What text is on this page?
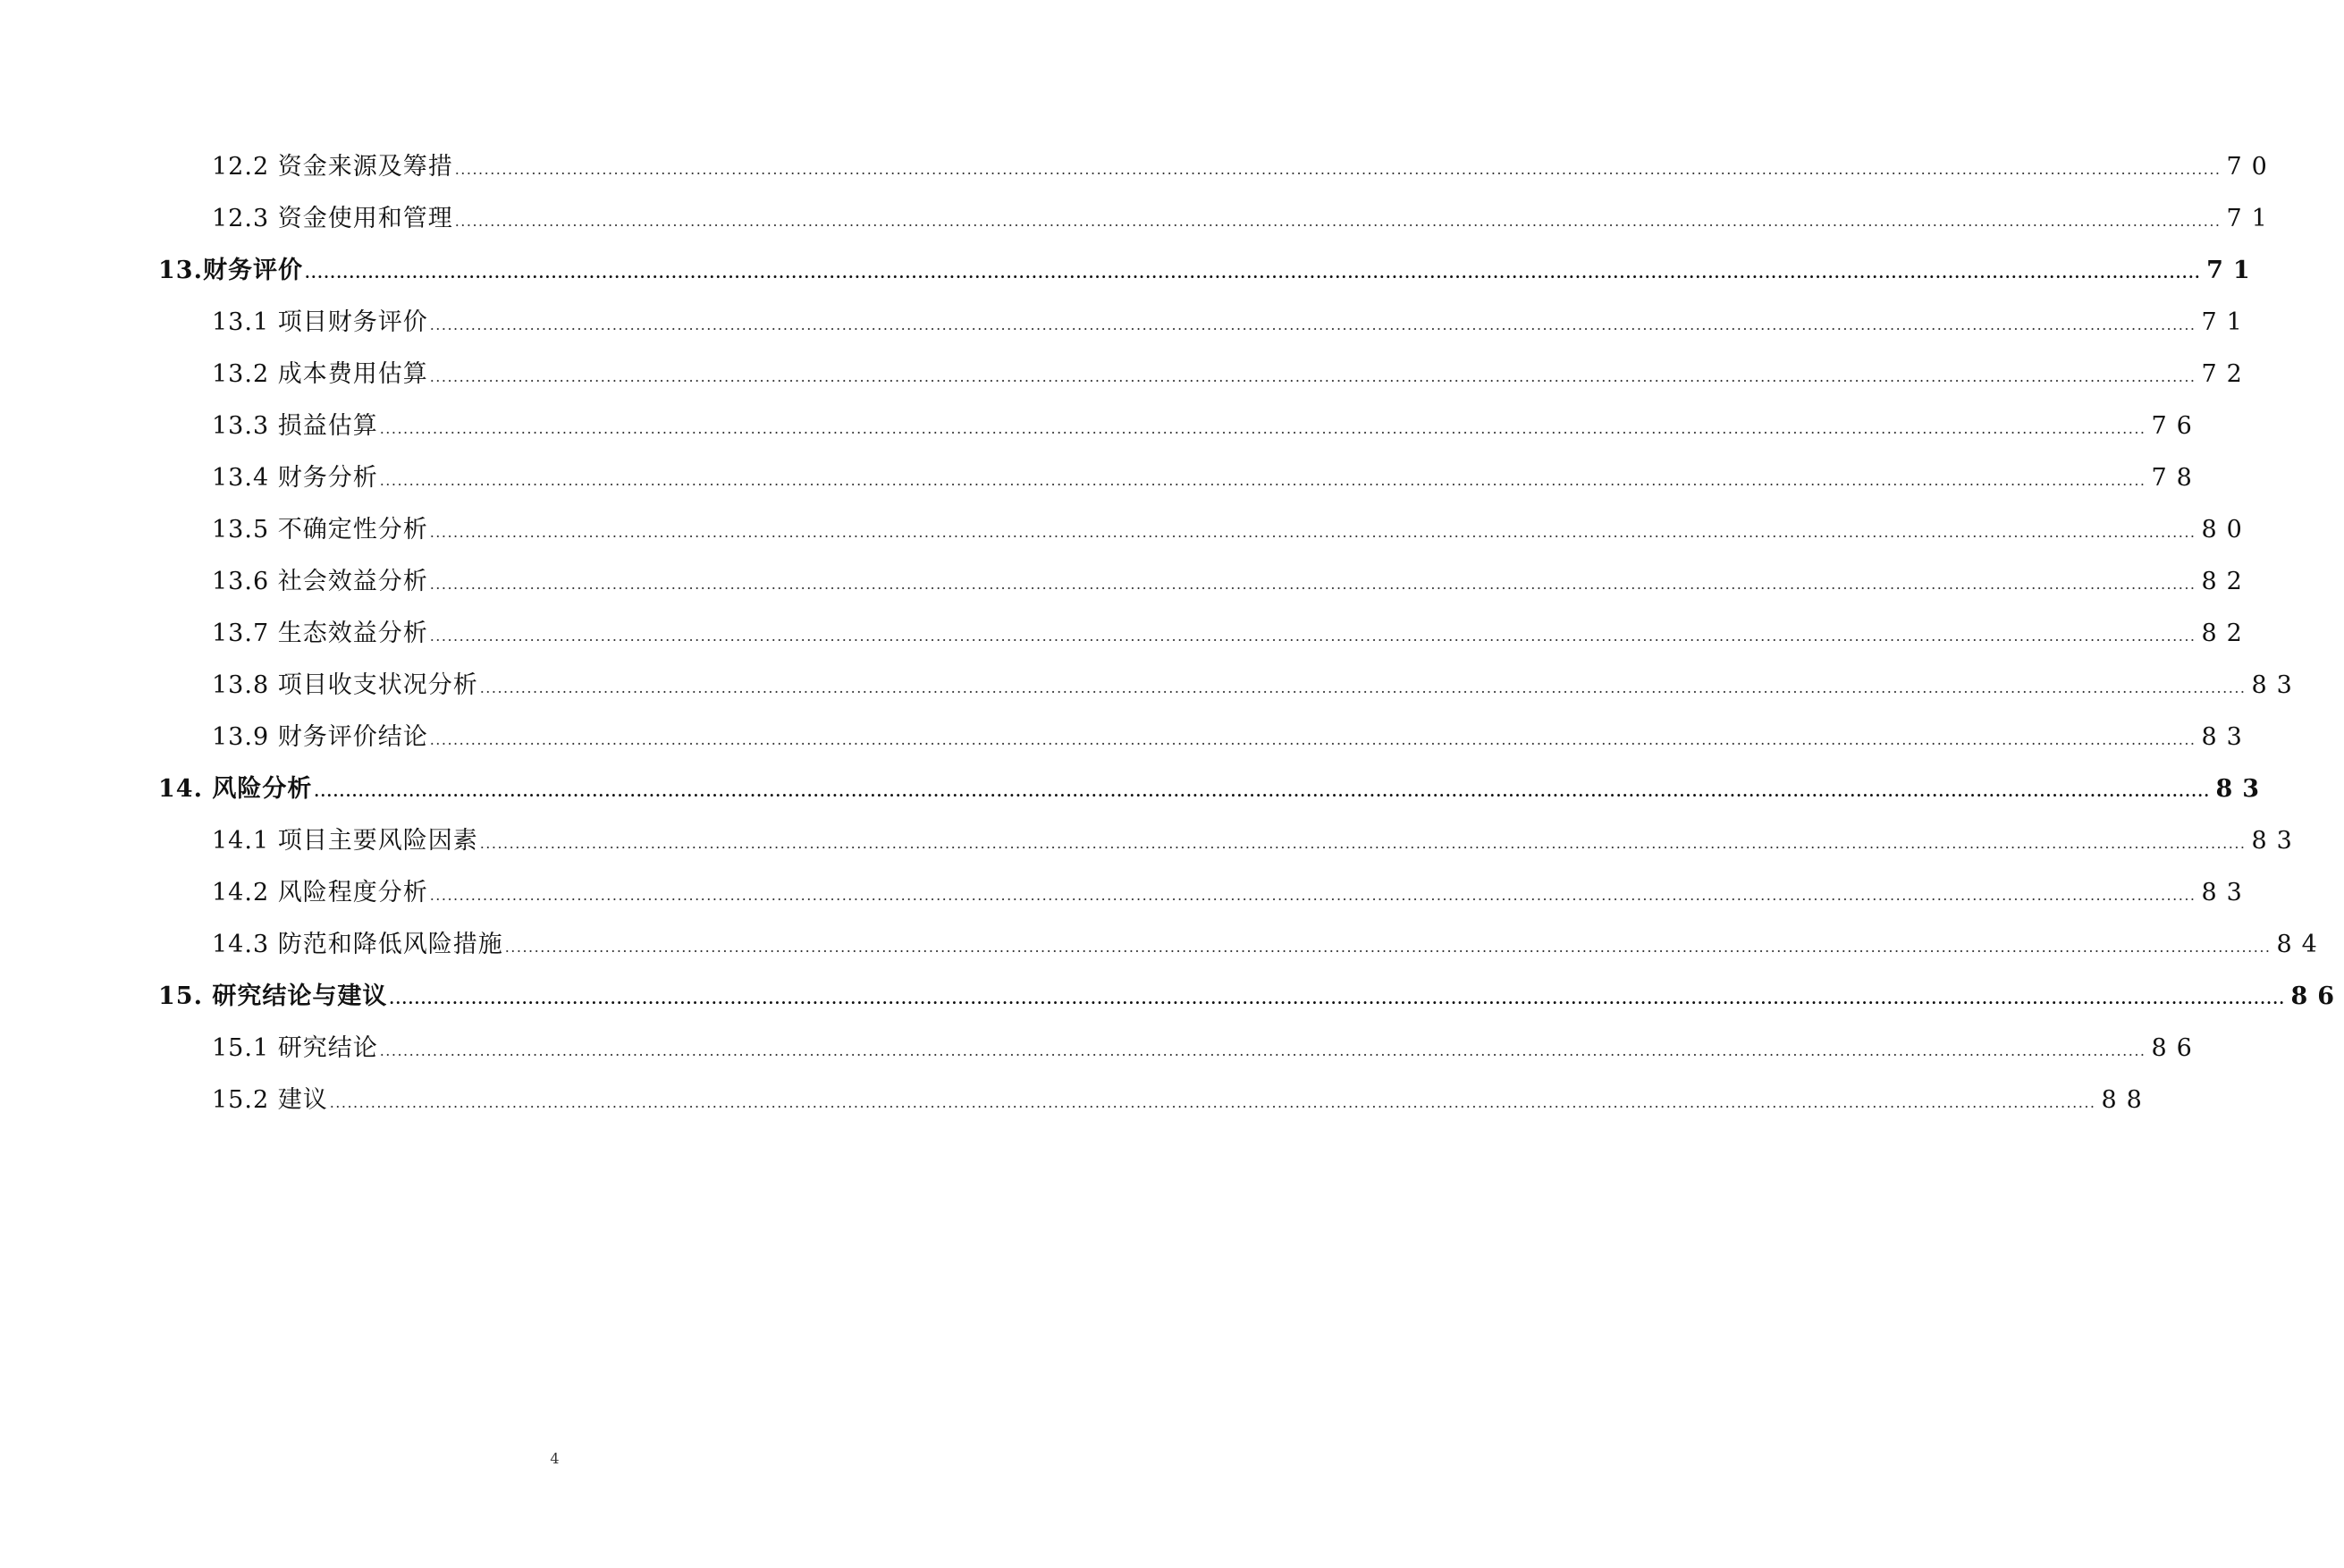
12.2 资金来源及筹措 ............................................................................................................................................................................................................................................................................................................ 70
12.3 资金使用和管理 ............................................................................................................................................................................................................................................................................................................ 71
13.财务评价 ............................................................................................................................................................................................................................................................................................................ 71
13.1 项目财务评价 ............................................................................................................................................................................................................................................................................................................ 71
13.2 成本费用估算 ............................................................................................................................................................................................................................................................................................................ 72
13.3 损益估算 ............................................................................................................................................................................................................................................................................................................ 76
13.4 财务分析 ............................................................................................................................................................................................................................................................................................................ 78
13.5 不确定性分析 ............................................................................................................................................................................................................................................................................................................ 80
13.6 社会效益分析 ............................................................................................................................................................................................................................................................................................................ 82
13.7 生态效益分析 ............................................................................................................................................................................................................................................................................................................ 82
13.8 项目收支状况分析 ............................................................................................................................................................................................................................................................................................................ 83
13.9 财务评价结论 ............................................................................................................................................................................................................................................................................................................ 83
14. 风险分析 ............................................................................................................................................................................................................................................................................................................ 83
14.1 项目主要风险因素 ............................................................................................................................................................................................................................................................................................................ 83
14.2 风险程度分析 ............................................................................................................................................................................................................................................................................................................ 83
14.3 防范和降低风险措施 ............................................................................................................................................................................................................................................................................................................ 84
15. 研究结论与建议 ............................................................................................................................................................................................................................................................................................................ 86
15.1 研究结论 ............................................................................................................................................................................................................................................................................................................ 86
15.2 建议 ............................................................................................................................................................................................................................................................................................................ 88
4
